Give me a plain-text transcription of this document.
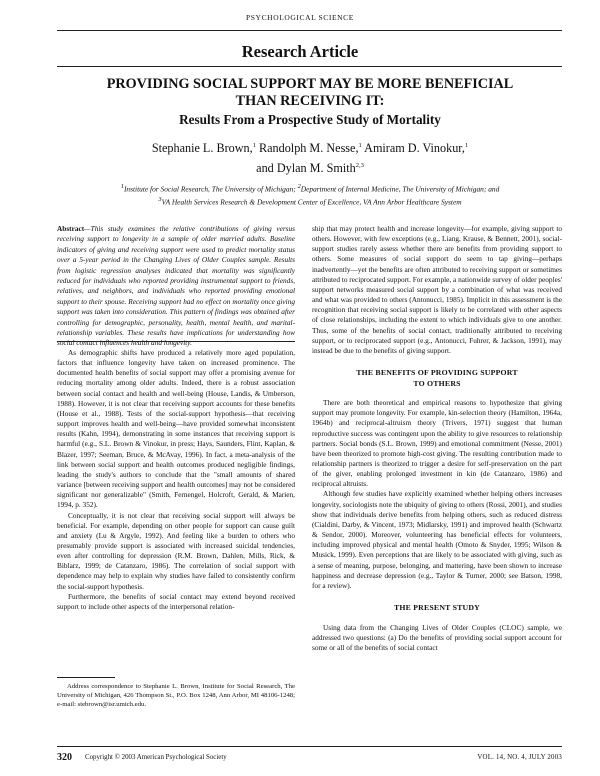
PSYCHOLOGICAL SCIENCE
Research Article
PROVIDING SOCIAL SUPPORT MAY BE MORE BENEFICIAL
THAN RECEIVING IT:
Results From a Prospective Study of Mortality
Stephanie L. Brown,$^1$ Randolph M. Nesse,$^1$ Amiram D. Vinokur,$^1$
and Dylan M. Smith$^{2,3}$
$^1$Institute for Social Research, The University of Michigan; $^2$Department of Internal Medicine, The University of Michigan; and
$^3$VA Health Services Research & Development Center of Excellence, VA Ann Arbor Healthcare System
Abstract—This study examines the relative contributions of giving versus receiving support to longevity in a sample of older married adults. Baseline indicators of giving and receiving support were used to predict mortality status over a 5-year period in the Changing Lives of Older Couples sample. Results from logistic regression analyses indicated that mortality was significantly reduced for individuals who reported providing instrumental support to friends, relatives, and neighbors, and individuals who reported providing emotional support to their spouse. Receiving support had no effect on mortality once giving support was taken into consideration. This pattern of findings was obtained after controlling for demographic, personality, health, mental health, and marital-relationship variables. These results have implications for understanding how social contact influences health and longevity.

As demographic shifts have produced a relatively more aged population, factors that influence longevity have taken on increased prominence. The documented health benefits of social support may offer a promising avenue for reducing mortality among older adults. Indeed, there is a robust association between social contact and health and well-being (House, Landis, & Umberson, 1988). However, it is not clear that receiving support accounts for these benefits (House et al., 1988). Tests of the social-support hypothesis—that receiving support improves health and well-being—have provided somewhat inconsistent results (Kahn, 1994), demonstrating in some instances that receiving support is harmful (e.g., S.L. Brown & Vinokur, in press; Hays, Saunders, Flint, Kaplan, & Blazer, 1997; Seeman, Bruce, & McAvay, 1996). In fact, a meta-analysis of the link between social support and health outcomes produced negligible findings, leading the study's authors to conclude that the "small amounts of shared variance [between receiving support and health outcomes] may not be considered significant nor generalizable" (Smith, Fernengel, Holcroft, Gerald, & Marien, 1994, p. 352).

Conceptually, it is not clear that receiving social support will always be beneficial. For example, depending on other people for support can cause guilt and anxiety (Lu & Argyle, 1992). And feeling like a burden to others who presumably provide support is associated with increased suicidal tendencies, even after controlling for depression (R.M. Brown, Dahlen, Mills, Rick, & Biblarz, 1999; de Catanzaro, 1986). The correlation of social support with dependence may help to explain why studies have failed to consistently confirm the social-support hypothesis.

Furthermore, the benefits of social contact may extend beyond received support to include other aspects of the interpersonal relation-

Address correspondence to Stephanie L. Brown, Institute for Social Research, The University of Michigan, 426 Thompson St., P.O. Box 1248, Ann Arbor, MI 48106-1248; e-mail: stebrown@isr.umich.edu.

ship that may protect health and increase longevity—for example, giving support to others. However, with few exceptions (e.g., Liang, Krause, & Bennett, 2001), social-support studies rarely assess whether there are benefits from providing support to others. Some measures of social support do seem to tap giving—perhaps inadvertently—yet the benefits are often attributed to receiving support or sometimes attributed to reciprocated support. For example, a nationwide survey of older peoples' support networks measured social support by a combination of what was received and what was provided to others (Antonucci, 1985). Implicit in this assessment is the recognition that receiving social support is likely to be correlated with other aspects of close relationships, including the extent to which individuals give to one another. Thus, some of the benefits of social contact, traditionally attributed to receiving support, or to reciprocated support (e.g., Antonucci, Fuhrer, & Jackson, 1991), may instead be due to the benefits of giving support.

THE BENEFITS OF PROVIDING SUPPORT
TO OTHERS

There are both theoretical and empirical reasons to hypothesize that giving support may promote longevity. For example, kin-selection theory (Hamilton, 1964a, 1964b) and reciprocal-altruism theory (Trivers, 1971) suggest that human reproductive success was contingent upon the ability to give resources to relationship partners. Social bonds (S.L. Brown, 1999) and emotional commitment (Nesse, 2001) have been theorized to promote high-cost giving. The resulting contribution made to relationship partners is theorized to trigger a desire for self-preservation on the part of the giver, enabling prolonged investment in kin (de Catanzaro, 1986) and reciprocal altruists.

Although few studies have explicitly examined whether helping others increases longevity, sociologists note the ubiquity of giving to others (Rossi, 2001), and studies show that individuals derive benefits from helping others, such as reduced distress (Cialdini, Darby, & Vincent, 1973; Midlarsky, 1991) and improved health (Schwartz & Sendor, 2000). Moreover, volunteering has beneficial effects for volunteers, including improved physical and mental health (Omoto & Snyder, 1995; Wilson & Musick, 1999). Even perceptions that are likely to be associated with giving, such as a sense of meaning, purpose, belonging, and mattering, have been shown to increase happiness and decrease depression (e.g., Taylor & Turner, 2000; see Batson, 1998, for a review).

THE PRESENT STUDY

Using data from the Changing Lives of Older Couples (CLOC) sample, we addressed two questions: (a) Do the benefits of providing social support account for some or all of the benefits of social contact

320 Copyright © 2003 American Psychological Society	VOL. 14, NO. 4, JULY 2003
